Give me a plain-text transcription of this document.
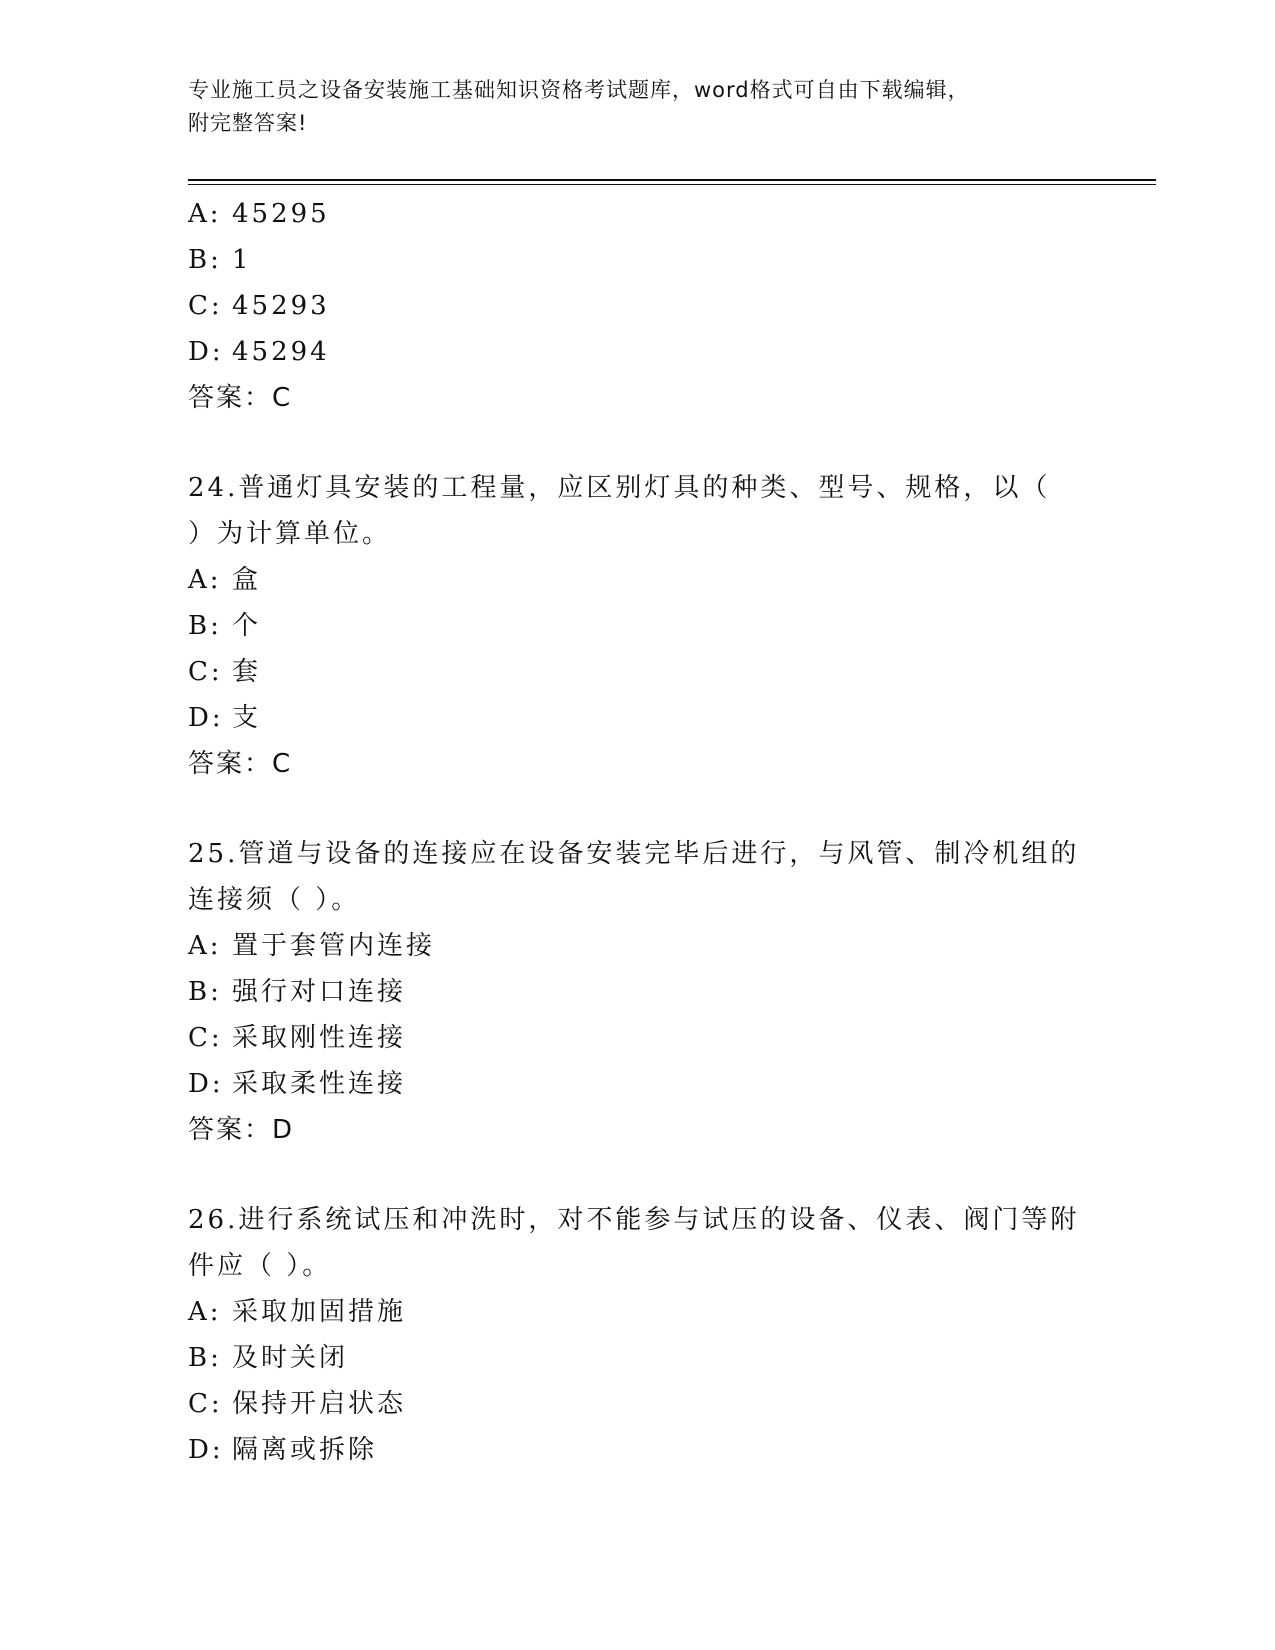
专业施工员之设备安装施工基础知识资格考试题库，word格式可自由下载编辑，
附完整答案!
A: 45295
B: 1
C: 45293
D: 45294
答案：C
24.普通灯具安装的工程量，应区别灯具的种类、型号、规格，以（
）为计算单位。
A: 盒
B: 个
C: 套
D: 支
答案：C
25.管道与设备的连接应在设备安装完毕后进行，与风管、制冷机组的
连接须（ ）。
A: 置于套管内连接
B: 强行对口连接
C: 采取刚性连接
D: 采取柔性连接
答案：D
26.进行系统试压和冲洗时，对不能参与试压的设备、仪表、阀门等附
件应（ ）。
A: 采取加固措施
B: 及时关闭
C: 保持开启状态
D: 隔离或拆除
